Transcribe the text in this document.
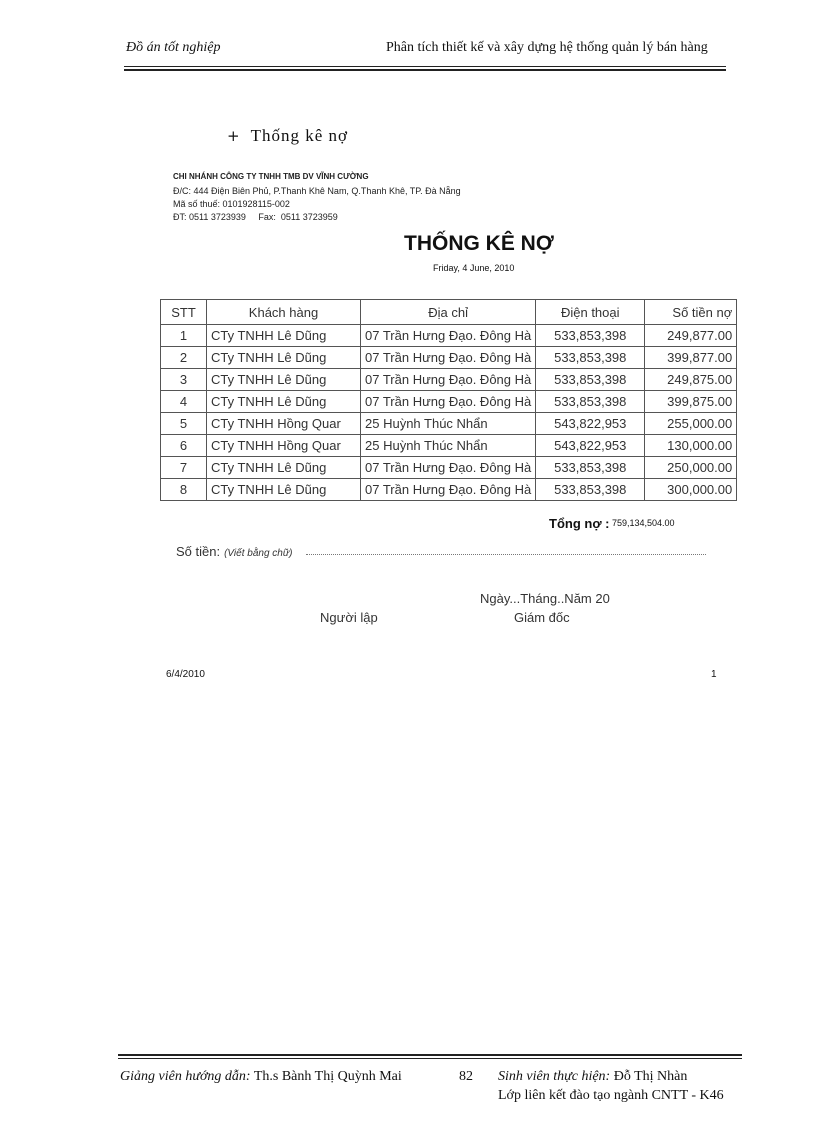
Đồ án tốt nghiệp	Phân tích thiết kế và xây dựng hệ thống quản lý bán hàng
+ Thống kê nợ
CHI NHÁNH CÔNG TY TNHH TMB DV VĨNH CƯỜNG
Đ/C: 444 Điện Biên Phủ, P.Thanh Khê Nam, Q.Thanh Khê, TP. Đà Nẵng
Mã số thuế: 0101928115-002
ĐT: 0511 3723939     Fax:  0511 3723959
THỐNG KÊ NỢ
Friday, 4 June, 2010
STT	Khách hàng	Địa chỉ	Điện thoại	Số tiền nợ
1	CTy TNHH Lê Dũng	07 Trần Hưng Đạo. Đông Hà	533,853,398	249,877.00
2	CTy TNHH Lê Dũng	07 Trần Hưng Đạo. Đông Hà	533,853,398	399,877.00
3	CTy TNHH Lê Dũng	07 Trần Hưng Đạo. Đông Hà	533,853,398	249,875.00
4	CTy TNHH Lê Dũng	07 Trần Hưng Đạo. Đông Hà	533,853,398	399,875.00
5	CTy TNHH Hồng Quar	25 Huỳnh Thúc Nhẩn	543,822,953	255,000.00
6	CTy TNHH Hồng Quar	25 Huỳnh Thúc Nhẩn	543,822,953	130,000.00
7	CTy TNHH Lê Dũng	07 Trần Hưng Đạo. Đông Hà	533,853,398	250,000.00
8	CTy TNHH Lê Dũng	07 Trần Hưng Đạo. Đông Hà	533,853,398	300,000.00
Tổng nợ : 759,134,504.00
Số tiền: (Viết bằng chữ)
Ngày...Tháng..Năm 20
Người lập	Giám đốc
6/4/2010	1
Giảng viên hướng dẫn: Th.s Bành Thị Quỳnh Mai	82 Sinh viên thực hiện: Đỗ Thị Nhàn
Lớp liên kết đào tạo ngành CNTT - K46
